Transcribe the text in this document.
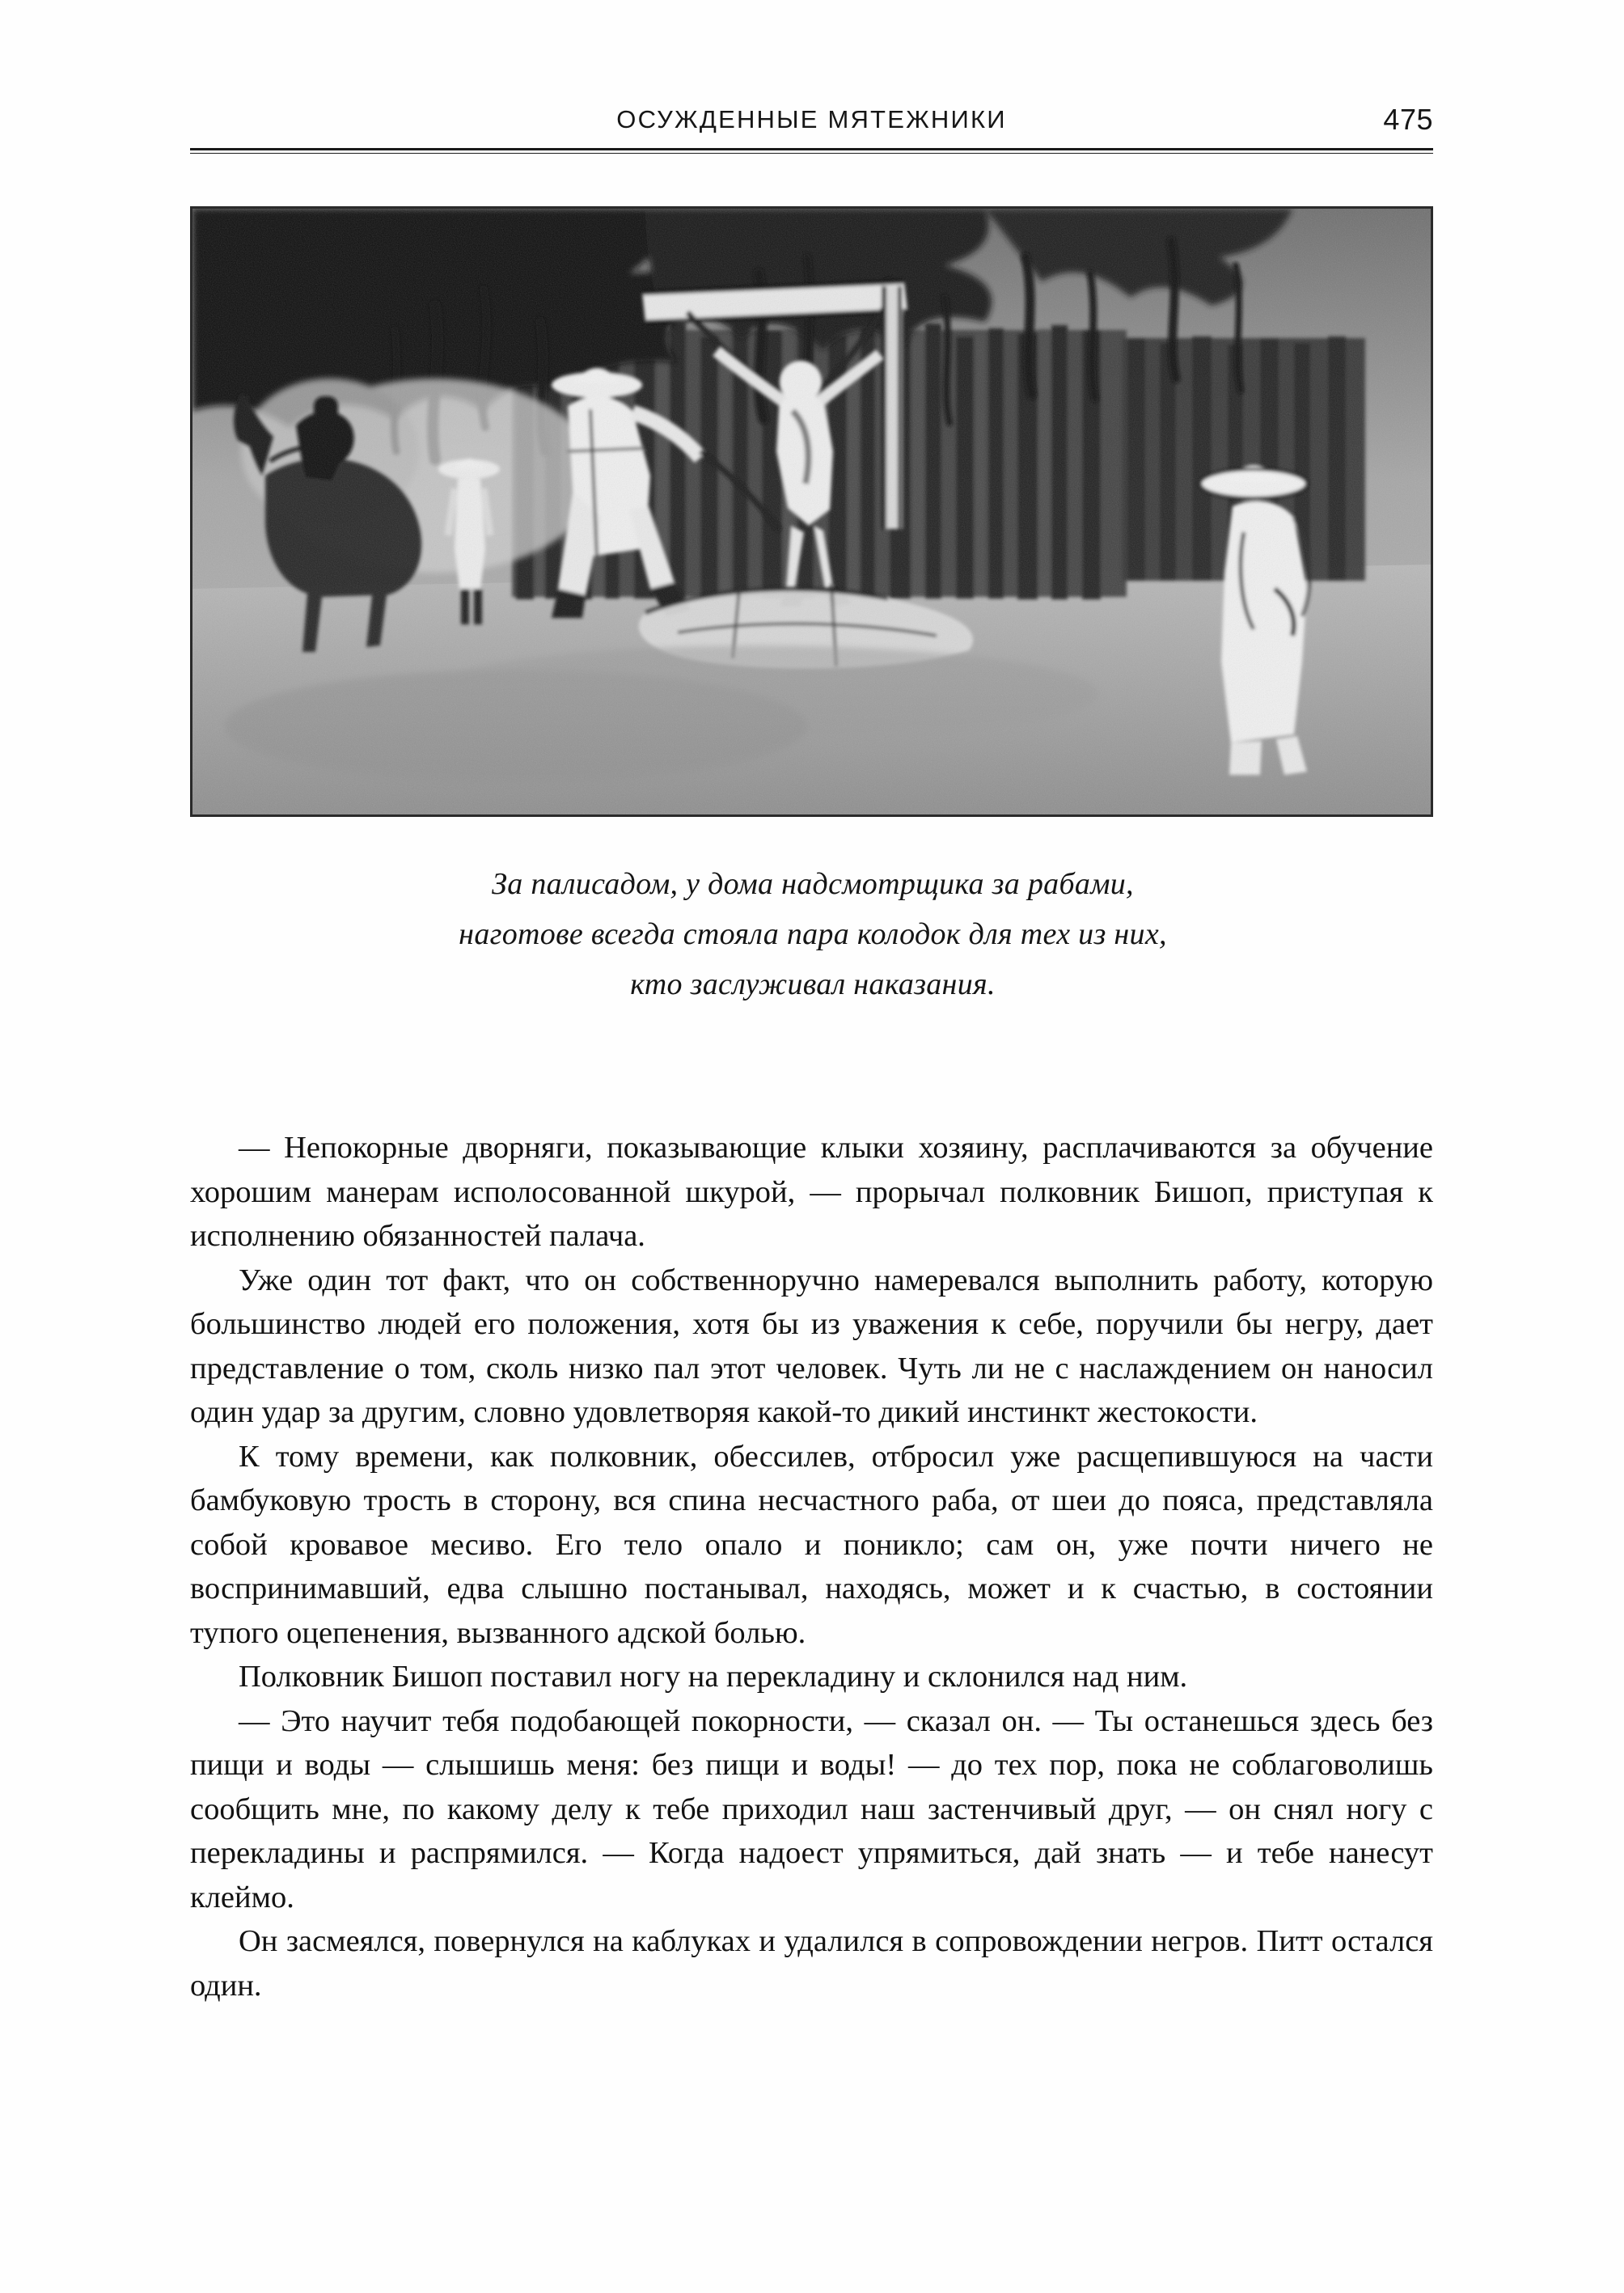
ОСУЖДЕННЫЕ МЯТЕЖНИКИ	475
За палисадом, у дома надсмотрщика за рабами,
наготове всегда стояла пара колодок для тех из них,
кто заслуживал наказания.

— Непокорные дворняги, показывающие клыки хозяину, расплачиваются за обучение хорошим манерам исполосованной шкурой, — прорычал полковник Бишоп, приступая к исполнению обязанностей палача.

Уже один тот факт, что он собственноручно намеревался выполнить работу, которую большинство людей его положения, хотя бы из уважения к себе, поручили бы негру, дает представление о том, сколь низко пал этот человек. Чуть ли не с наслаждением он наносил один удар за другим, словно удовлетворяя какой-то дикий инстинкт жестокости.

К тому времени, как полковник, обессилев, отбросил уже расщепившуюся на части бамбуковую трость в сторону, вся спина несчастного раба, от шеи до пояса, представляла собой кровавое месиво. Его тело опало и поникло; сам он, уже почти ничего не воспринимавший, едва слышно постанывал, находясь, может и к счастью, в состоянии тупого оцепенения, вызванного адской болью.

Полковник Бишоп поставил ногу на перекладину и склонился над ним.

— Это научит тебя подобающей покорности, — сказал он. — Ты останешься здесь без пищи и воды — слышишь меня: без пищи и воды! — до тех пор, пока не соблаговолишь сообщить мне, по какому делу к тебе приходил наш застенчивый друг, — он снял ногу с перекладины и распрямился. — Когда надоест упрямиться, дай знать — и тебе нанесут клеймо.

Он засмеялся, повернулся на каблуках и удалился в сопровождении негров. Питт остался один.
